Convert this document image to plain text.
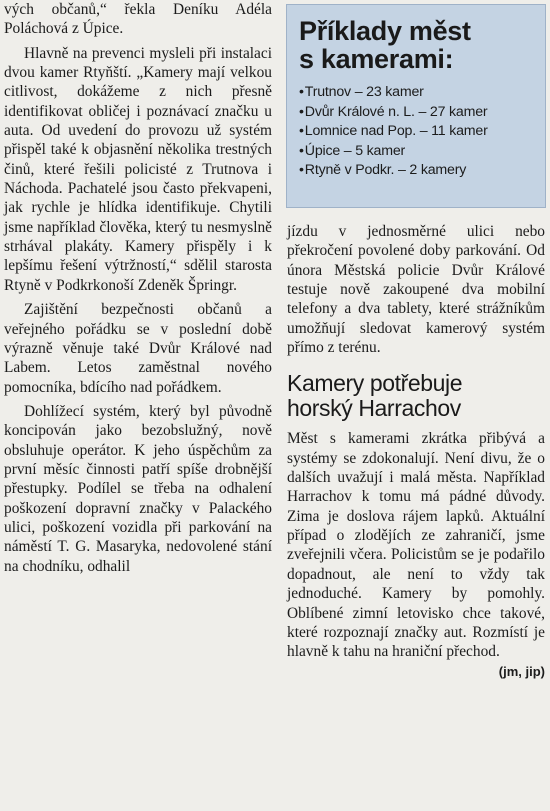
vých občanů,“ řekla Deníku Adéla Poláchová z Úpice.

Hlavně na prevenci mysleli při instalaci dvou kamer Rtyňští. „Kamery mají velkou citlivost, dokážeme z nich přesně identifikovat obličej i poznávací značku u auta. Od uvedení do provozu už systém přispěl také k objasnění několika trestných činů, které řešili policisté z Trutnova i Náchoda. Pachatelé jsou často překvapeni, jak rychle je hlídka identifikuje. Chytili jsme například člověka, který tu nesmyslně strhával plakáty. Kamery přispěly i k lepšímu řešení výtržností,“ sdělil starosta Rtyně v Podkrkonoší Zdeněk Špringr.

Zajištění bezpečnosti občanů a veřejného pořádku se v poslední době výrazně věnuje také Dvůr Králové nad Labem. Letos zaměstnal nového pomocníka, bdícího nad pořádkem.

Dohlížecí systém, který byl původně koncipován jako bezobslužný, nově obsluhuje operátor. K jeho úspěchům za první měsíc činnosti patří spíše drobnější přestupky. Podílel se třeba na odhalení poškození dopravní značky v Palackého ulici, poškození vozidla při parkování na náměstí T. G. Masaryka, nedovolené stání na chodníku, odhalil

Příklady měst
s kamerami:
• Trutnov – 23 kamer
• Dvůr Králové n. L. – 27 kamer
• Lomnice nad Pop. – 11 kamer
• Úpice – 5 kamer
• Rtyně v Podkr. – 2 kamery

jízdu v jednosměrné ulici nebo překročení povolené doby parkování. Od února Městská policie Dvůr Králové testuje nově zakoupené dva mobilní telefony a dva tablety, které strážníkům umožňují sledovat kamerový systém přímo z terénu.

Kamery potřebuje
horský Harrachov

Měst s kamerami zkrátka přibývá a systémy se zdokonalují. Není divu, že o dalších uvažují i malá města. Například Harrachov k tomu má pádné důvody. Zima je doslova rájem lapků. Aktuální případ o zlodějích ze zahraničí, jsme zveřejnili včera. Policistům se je podařilo dopadnout, ale není to vždy tak jednoduché. Kamery by pomohly. Oblíbené zimní letovisko chce takové, které rozpoznají značky aut. Rozmístí je hlavně k tahu na hraniční přechod.
(jm, jip)
